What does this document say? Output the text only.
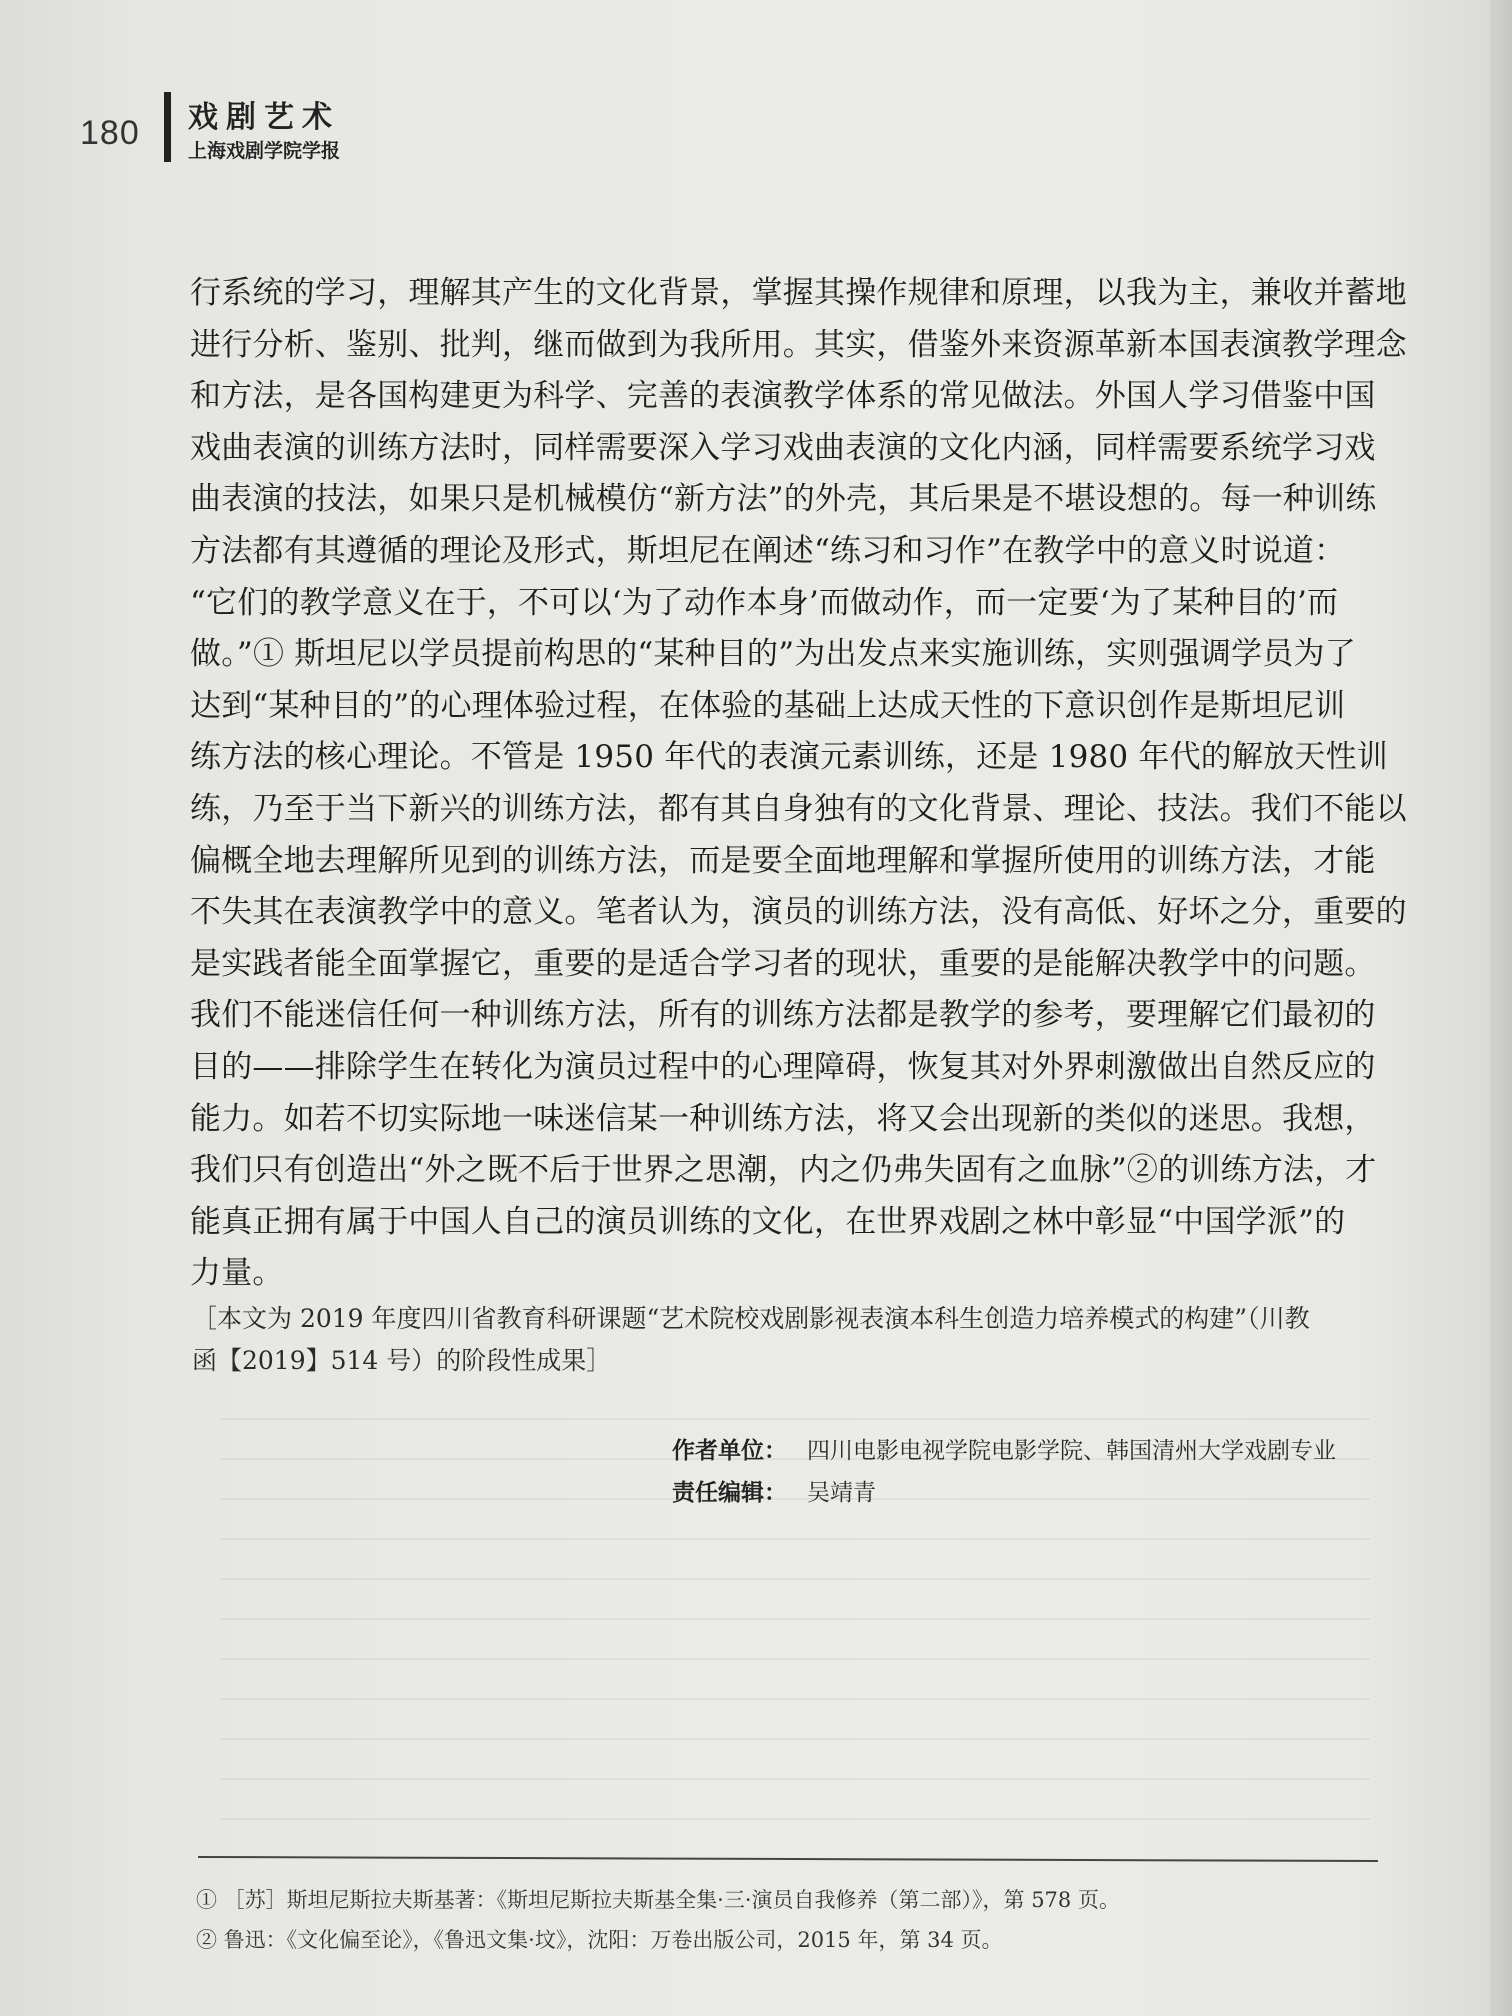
180 戏剧艺术
上海戏剧学院学报
行系统的学习，理解其产生的文化背景，掌握其操作规律和原理，以我为主，兼收并蓄地
进行分析、鉴别、批判，继而做到为我所用。其实，借鉴外来资源革新本国表演教学理念
和方法，是各国构建更为科学、完善的表演教学体系的常见做法。外国人学习借鉴中国
戏曲表演的训练方法时，同样需要深入学习戏曲表演的文化内涵，同样需要系统学习戏
曲表演的技法，如果只是机械模仿“新方法”的外壳，其后果是不堪设想的。每一种训练
方法都有其遵循的理论及形式，斯坦尼在阐述“练习和习作”在教学中的意义时说道：
“它们的教学意义在于，不可以‘为了动作本身’而做动作，而一定要‘为了某种目的’而
做。”① 斯坦尼以学员提前构思的“某种目的”为出发点来实施训练，实则强调学员为了
达到“某种目的”的心理体验过程，在体验的基础上达成天性的下意识创作是斯坦尼训
练方法的核心理论。不管是 1950 年代的表演元素训练，还是 1980 年代的解放天性训
练，乃至于当下新兴的训练方法，都有其自身独有的文化背景、理论、技法。我们不能以
偏概全地去理解所见到的训练方法，而是要全面地理解和掌握所使用的训练方法，才能
不失其在表演教学中的意义。笔者认为，演员的训练方法，没有高低、好坏之分，重要的
是实践者能全面掌握它，重要的是适合学习者的现状，重要的是能解决教学中的问题。
我们不能迷信任何一种训练方法，所有的训练方法都是教学的参考，要理解它们最初的
目的——排除学生在转化为演员过程中的心理障碍，恢复其对外界刺激做出自然反应的
能力。如若不切实际地一味迷信某一种训练方法，将又会出现新的类似的迷思。我想，
我们只有创造出“外之既不后于世界之思潮，内之仍弗失固有之血脉”②的训练方法，才
能真正拥有属于中国人自己的演员训练的文化，在世界戏剧之林中彰显“中国学派”的
力量。
［本文为 2019 年度四川省教育科研课题“艺术院校戏剧影视表演本科生创造力培养模式的构建”（川教
函【2019】514 号）的阶段性成果］
作者单位： 四川电影电视学院电影学院、韩国清州大学戏剧专业
责任编辑： 吴靖青
① ［苏］斯坦尼斯拉夫斯基著：《斯坦尼斯拉夫斯基全集·三·演员自我修养（第二部）》，第 578 页。
② 鲁迅：《文化偏至论》，《鲁迅文集·坟》，沈阳：万卷出版公司，2015 年，第 34 页。
